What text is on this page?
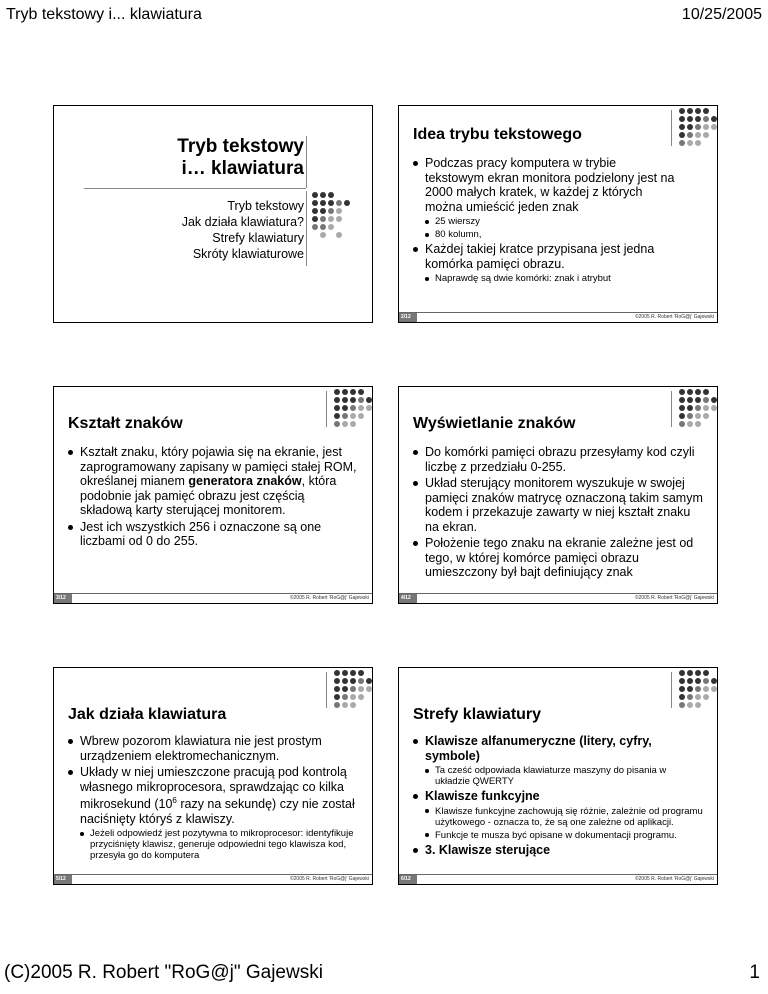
Tryb tekstowy i... klawiatura	10/25/2005
Tryb tekstowy
i… klawiatura
Tryb tekstowy
Jak działa klawiatura?
Strefy klawiatury
Skróty klawiaturowe
Idea trybu tekstowego
Podczas pracy komputera w trybie tekstowym ekran monitora podzielony jest na 2000 małych kratek, w każdej z których można umieścić jeden znak
25 wierszy
80 kolumn,
Każdej takiej kratce przypisana jest jedna komórka pamięci obrazu.
Naprawdę są dwie komórki: znak i atrybut
2/12	©2005 R. Robert 'RoG@j' Gajewski
Kształt znaków
Kształt znaku, który pojawia się na ekranie, jest zaprogramowany zapisany w pamięci stałej ROM, określanej mianem generatora znaków, która podobnie jak pamięć obrazu jest częścią składową karty sterującej monitorem.
Jest ich wszystkich 256 i oznaczone są one liczbami od 0 do 255.
3/12	©2005 R. Robert 'RoG@j' Gajewski
Wyświetlanie znaków
Do komórki pamięci obrazu przesyłamy kod czyli liczbę z przedziału 0-255.
Układ sterujący monitorem wyszukuje w swojej pamięci znaków matrycę oznaczoną takim samym kodem i przekazuje zawarty w niej kształt znaku na ekran.
Położenie tego znaku na ekranie zależne jest od tego, w której komórce pamięci obrazu umieszczony był bajt definiujący znak
4/12	©2005 R. Robert 'RoG@j' Gajewski
Jak działa klawiatura
Wbrew pozorom klawiatura nie jest prostym urządzeniem elektromechanicznym.
Układy w niej umieszczone pracują pod kontrolą własnego mikroprocesora, sprawdzając co kilka mikrosekund ($10^6$ razy na sekundę) czy nie został naciśnięty któryś z klawiszy.
Jeżeli odpowiedź jest pozytywna to mikroprocesor: identyfikuje przyciśnięty klawisz, generuje odpowiedni tego klawisza kod, przesyła go do komputera
5/12	©2005 R. Robert 'RoG@j' Gajewski
Strefy klawiatury
Klawisze alfanumeryczne (litery, cyfry, symbole)
Ta cześć odpowiada klawiaturze maszyny do pisania w układzie QWERTY
Klawisze funkcyjne
Klawisze funkcyjne zachowują się różnie, zależnie od programu użytkowego - oznacza to, że są one zależne od aplikacji.
Funkcje te musza być opisane w dokumentacji programu.
3. Klawisze sterujące
6/12	©2005 R. Robert 'RoG@j' Gajewski
(C)2005 R. Robert "RoG@j" Gajewski	1
